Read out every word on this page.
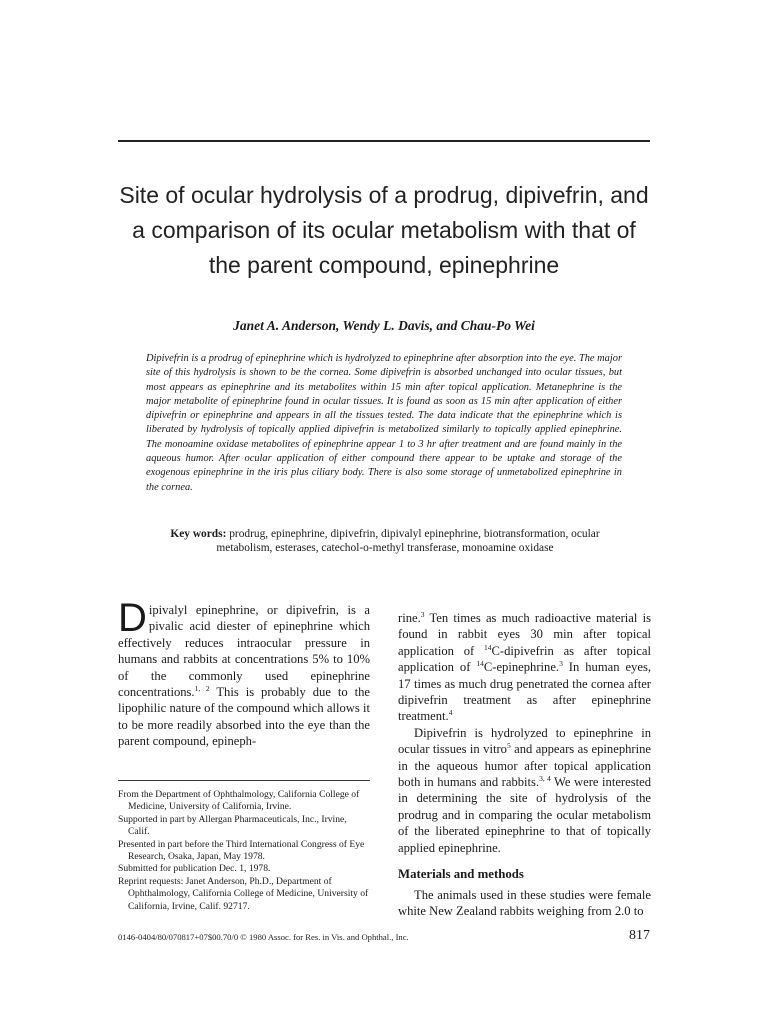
Site of ocular hydrolysis of a prodrug, dipivefrin, and a comparison of its ocular metabolism with that of the parent compound, epinephrine
Janet A. Anderson, Wendy L. Davis, and Chau-Po Wei
Dipivefrin is a prodrug of epinephrine which is hydrolyzed to epinephrine after absorption into the eye. The major site of this hydrolysis is shown to be the cornea. Some dipivefrin is absorbed unchanged into ocular tissues, but most appears as epinephrine and its metabolites within 15 min after topical application. Metanephrine is the major metabolite of epinephrine found in ocular tissues. It is found as soon as 15 min after application of either dipivefrin or epinephrine and appears in all the tissues tested. The data indicate that the epinephrine which is liberated by hydrolysis of topically applied dipivefrin is metabolized similarly to topically applied epinephrine. The monoamine oxidase metabolites of epinephrine appear 1 to 3 hr after treatment and are found mainly in the aqueous humor. After ocular application of either compound there appear to be uptake and storage of the exogenous epinephrine in the iris plus ciliary body. There is also some storage of unmetabolized epinephrine in the cornea.
Key words: prodrug, epinephrine, dipivefrin, dipivalyl epinephrine, biotransformation, ocular metabolism, esterases, catechol-o-methyl transferase, monoamine oxidase

Dipivalyl epinephrine, or dipivefrin, is a pivalic acid diester of epinephrine which effectively reduces intraocular pressure in humans and rabbits at concentrations 5% to 10% of the commonly used epinephrine concentrations.$^{1, 2}$ This is probably due to the lipophilic nature of the compound which allows it to be more readily absorbed into the eye than the parent compound, epineph-

From the Department of Ophthalmology, California College of Medicine, University of California, Irvine.
Supported in part by Allergan Pharmaceuticals, Inc., Irvine, Calif.
Presented in part before the Third International Congress of Eye Research, Osaka, Japan, May 1978.
Submitted for publication Dec. 1, 1978.
Reprint requests: Janet Anderson, Ph.D., Department of Ophthalmology, California College of Medicine, University of California, Irvine, Calif. 92717.

rine.$^3$ Ten times as much radioactive material is found in rabbit eyes 30 min after topical application of $^{14}$C-dipivefrin as after topical application of $^{14}$C-epinephrine.$^3$ In human eyes, 17 times as much drug penetrated the cornea after dipivefrin treatment as after epinephrine treatment.$^4$

Dipivefrin is hydrolyzed to epinephrine in ocular tissues in vitro$^5$ and appears as epinephrine in the aqueous humor after topical application both in humans and rabbits.$^{3, 4}$ We were interested in determining the site of hydrolysis of the prodrug and in comparing the ocular metabolism of the liberated epinephrine to that of topically applied epinephrine.

Materials and methods

The animals used in these studies were female white New Zealand rabbits weighing from 2.0 to

0146-0404/80/070817+07$00.70/0 © 1980 Assoc. for Res. in Vis. and Ophthal., Inc.	817
